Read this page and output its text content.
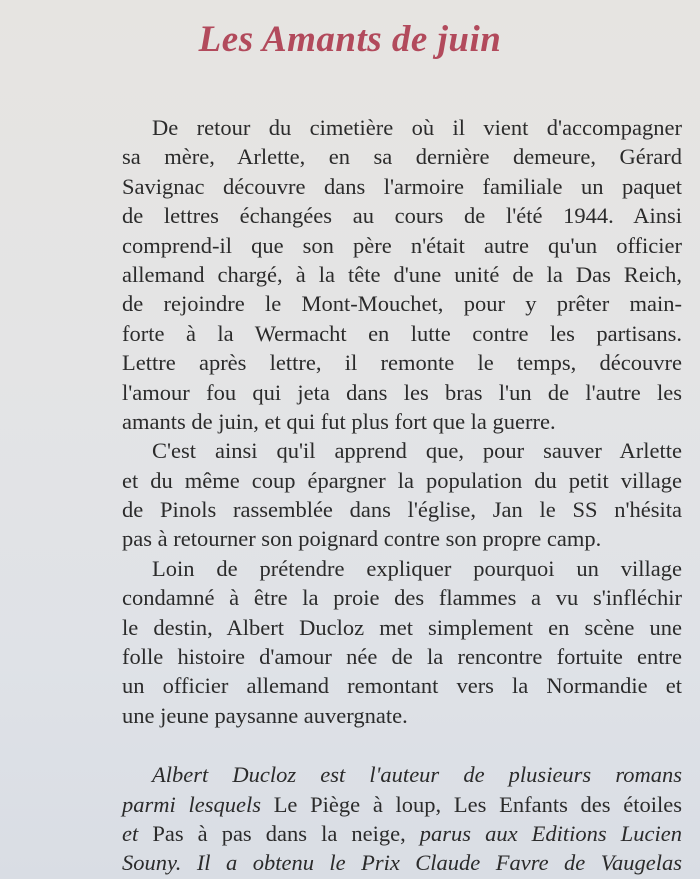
Les Amants de juin
De retour du cimetière où il vient d'accompagner
sa mère, Arlette, en sa dernière demeure, Gérard
Savignac découvre dans l'armoire familiale un paquet
de lettres échangées au cours de l'été 1944. Ainsi
comprend-il que son père n'était autre qu'un officier
allemand chargé, à la tête d'une unité de la Das Reich,
de rejoindre le Mont-Mouchet, pour y prêter main-
forte à la Wermacht en lutte contre les partisans.
Lettre après lettre, il remonte le temps, découvre
l'amour fou qui jeta dans les bras l'un de l'autre les
amants de juin, et qui fut plus fort que la guerre.
C'est ainsi qu'il apprend que, pour sauver Arlette
et du même coup épargner la population du petit village
de Pinols rassemblée dans l'église, Jan le SS n'hésita
pas à retourner son poignard contre son propre camp.
Loin de prétendre expliquer pourquoi un village
condamné à être la proie des flammes a vu s'infléchir
le destin, Albert Ducloz met simplement en scène une
folle histoire d'amour née de la rencontre fortuite entre
un officier allemand remontant vers la Normandie et
une jeune paysanne auvergnate.
Albert Ducloz est l'auteur de plusieurs romans
parmi lesquels Le Piège à loup, Les Enfants des étoiles
et Pas à pas dans la neige, parus aux Editions Lucien
Souny. Il a obtenu le Prix Claude Favre de Vaugelas
